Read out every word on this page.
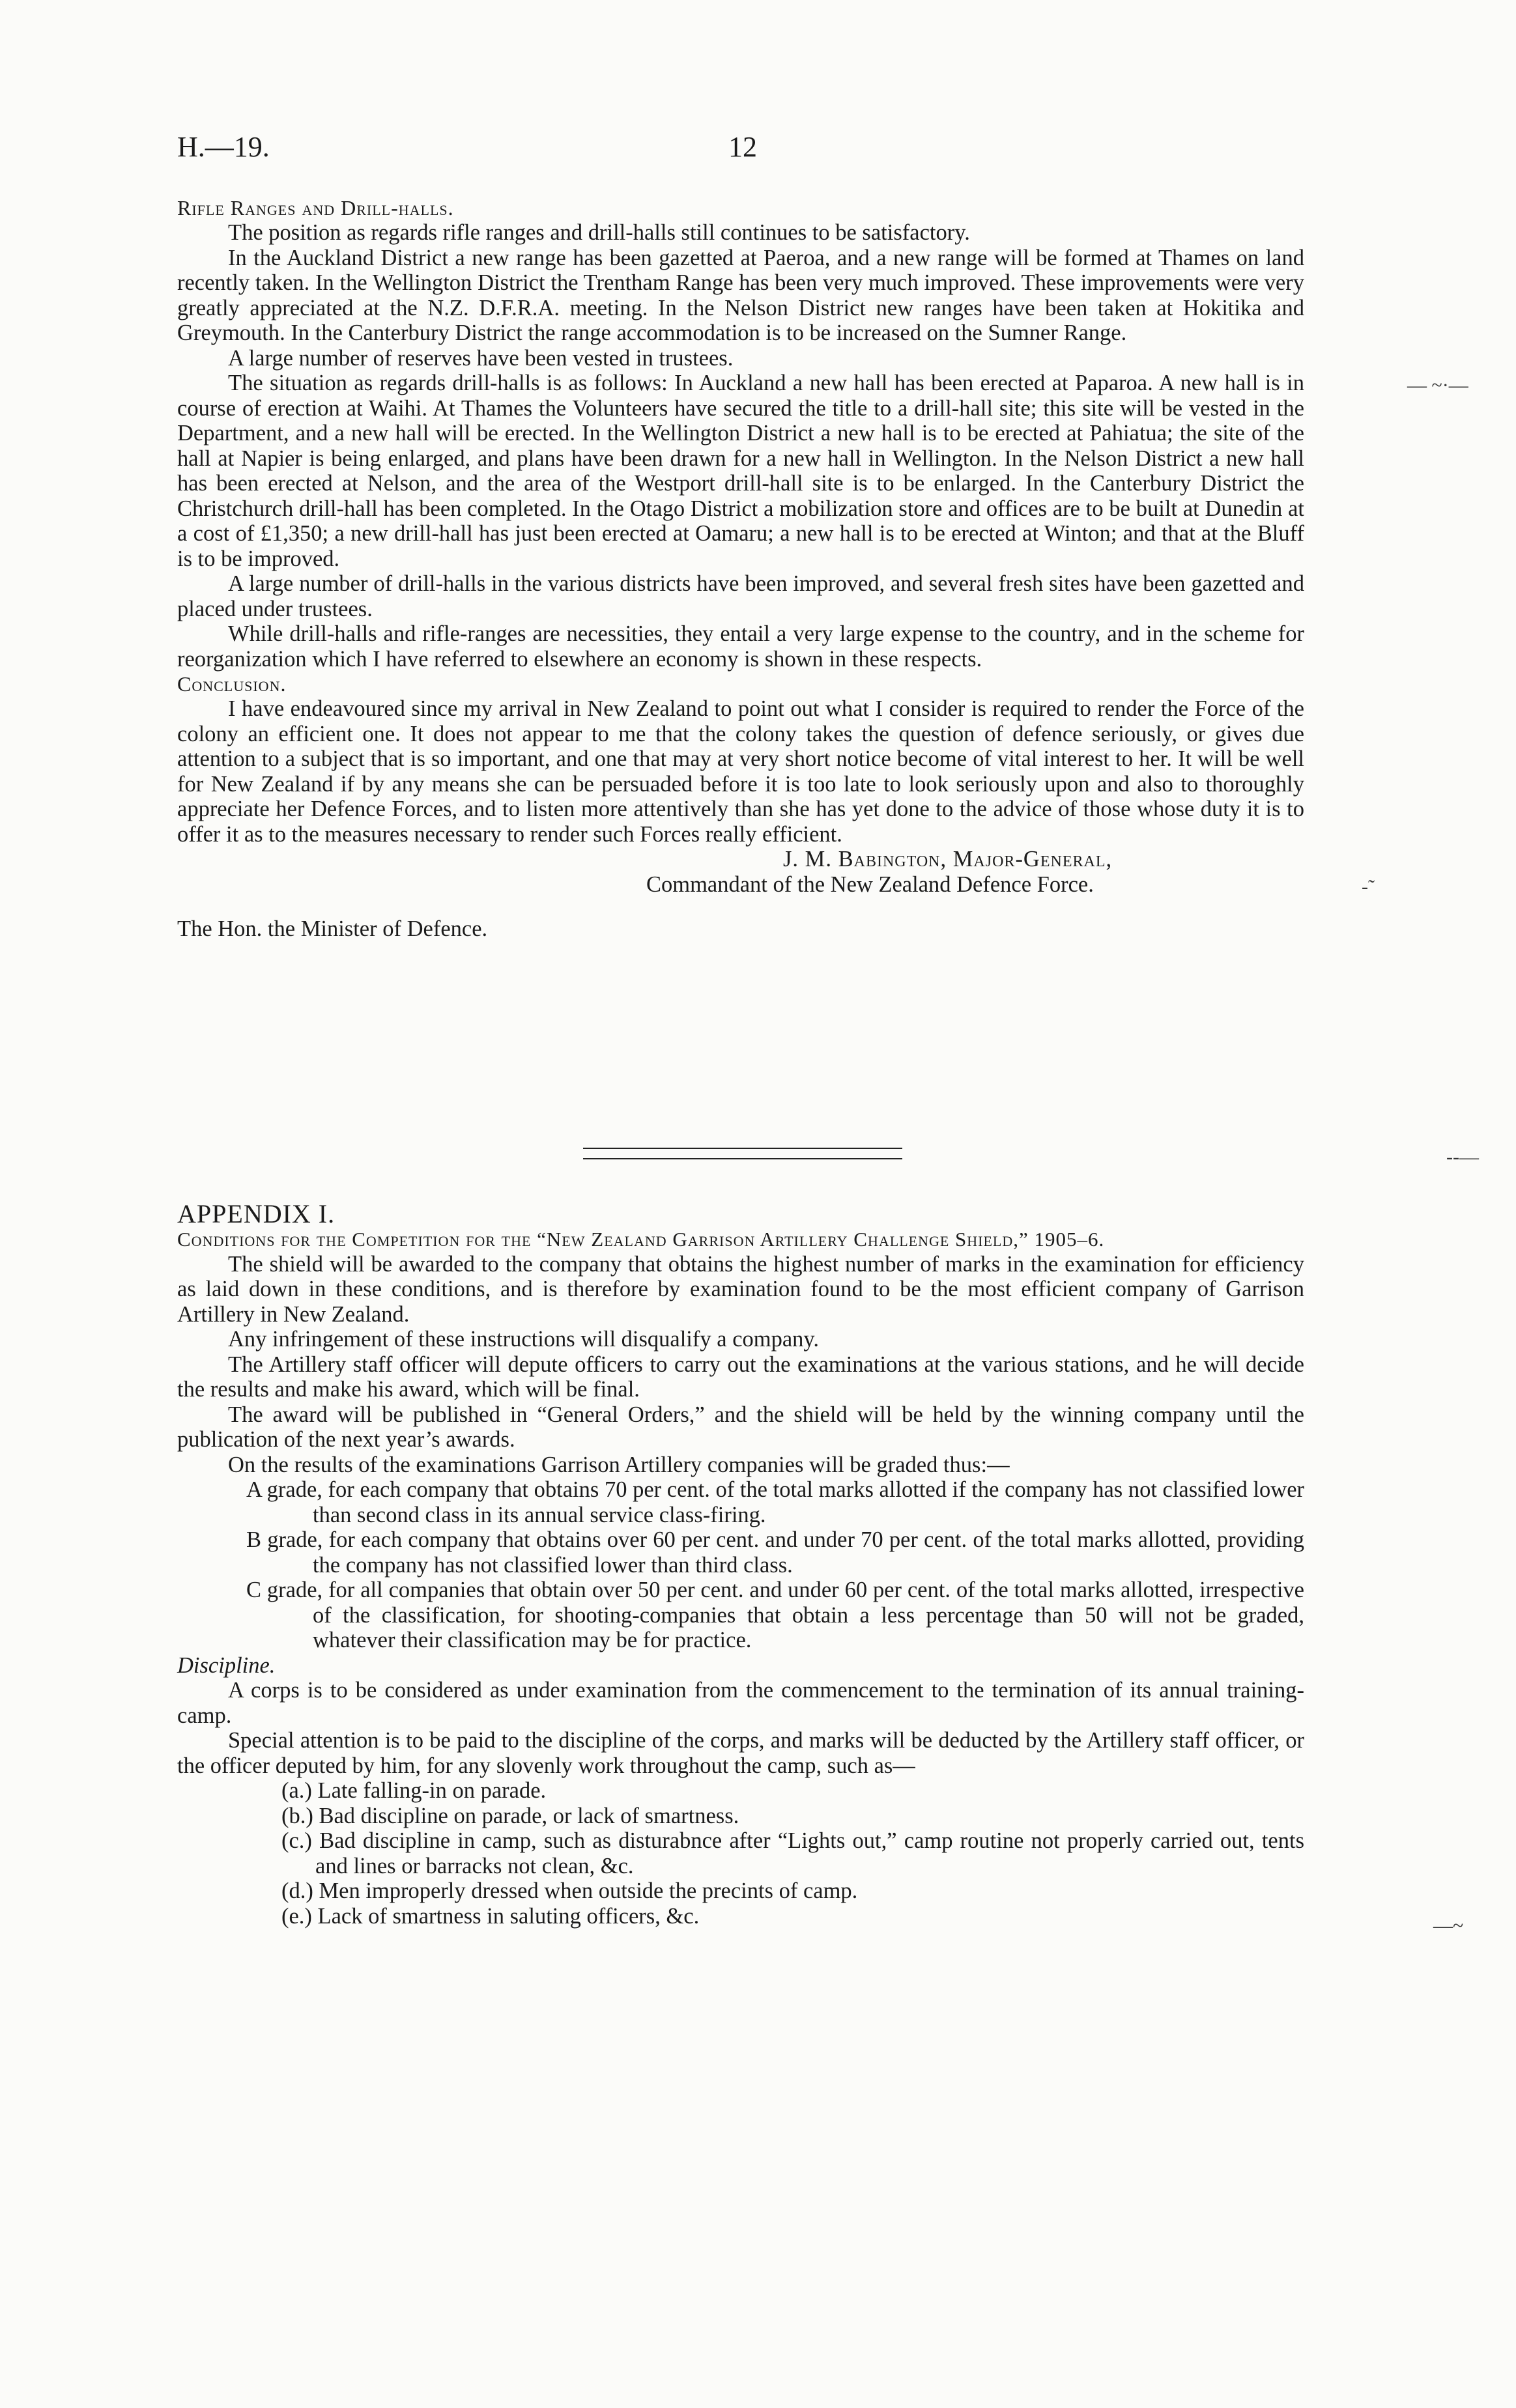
H.—19.	12

Rifle Ranges and Drill-halls.

The position as regards rifle ranges and drill-halls still continues to be satisfactory.

In the Auckland District a new range has been gazetted at Paeroa, and a new range will be formed at Thames on land recently taken. In the Wellington District the Trentham Range has been very much improved. These improvements were very greatly appreciated at the N.Z. D.F.R.A. meeting. In the Nelson District new ranges have been taken at Hokitika and Greymouth. In the Canterbury District the range accommodation is to be increased on the Sumner Range.

A large number of reserves have been vested in trustees.

The situation as regards drill-halls is as follows: In Auckland a new hall has been erected at Paparoa. A new hall is in course of erection at Waihi. At Thames the Volunteers have secured the title to a drill-hall site; this site will be vested in the Department, and a new hall will be erected. In the Wellington District a new hall is to be erected at Pahiatua; the site of the hall at Napier is being enlarged, and plans have been drawn for a new hall in Wellington. In the Nelson District a new hall has been erected at Nelson, and the area of the Westport drill-hall site is to be enlarged. In the Canterbury District the Christchurch drill-hall has been completed. In the Otago District a mobilization store and offices are to be built at Dunedin at a cost of £1,350; a new drill-hall has just been erected at Oamaru; a new hall is to be erected at Winton; and that at the Bluff is to be improved.

A large number of drill-halls in the various districts have been improved, and several fresh sites have been gazetted and placed under trustees.

While drill-halls and rifle-ranges are necessities, they entail a very large expense to the country, and in the scheme for reorganization which I have referred to elsewhere an economy is shown in these respects.

Conclusion.

I have endeavoured since my arrival in New Zealand to point out what I consider is required to render the Force of the colony an efficient one. It does not appear to me that the colony takes the question of defence seriously, or gives due attention to a subject that is so important, and one that may at very short notice become of vital interest to her. It will be well for New Zealand if by any means she can be persuaded before it is too late to look seriously upon and also to thoroughly appreciate her Defence Forces, and to listen more attentively than she has yet done to the advice of those whose duty it is to offer it as to the measures necessary to render such Forces really efficient.

J. M. Babington, Major-General,

Commandant of the New Zealand Defence Force.

The Hon. the Minister of Defence.

APPENDIX I.

Conditions for the Competition for the “New Zealand Garrison Artillery Challenge Shield,” 1905–6.

The shield will be awarded to the company that obtains the highest number of marks in the examination for efficiency as laid down in these conditions, and is therefore by examination found to be the most efficient company of Garrison Artillery in New Zealand.

Any infringement of these instructions will disqualify a company.

The Artillery staff officer will depute officers to carry out the examinations at the various stations, and he will decide the results and make his award, which will be final.

The award will be published in “General Orders,” and the shield will be held by the winning company until the publication of the next year’s awards.

On the results of the examinations Garrison Artillery companies will be graded thus:—

A grade, for each company that obtains 70 per cent. of the total marks allotted if the company has not classified lower than second class in its annual service class-firing.

B grade, for each company that obtains over 60 per cent. and under 70 per cent. of the total marks allotted, providing the company has not classified lower than third class.

C grade, for all companies that obtain over 50 per cent. and under 60 per cent. of the total marks allotted, irrespective of the classification, for shooting-companies that obtain a less percentage than 50 will not be graded, whatever their classification may be for practice.

Discipline.

A corps is to be considered as under examination from the commencement to the termination of its annual training-camp.

Special attention is to be paid to the discipline of the corps, and marks will be deducted by the Artillery staff officer, or the officer deputed by him, for any slovenly work throughout the camp, such as—

(a.) Late falling-in on parade.

(b.) Bad discipline on parade, or lack of smartness.

(c.) Bad discipline in camp, such as disturabnce after “Lights out,” camp routine not properly carried out, tents and lines or barracks not clean, &c.

(d.) Men improperly dressed when outside the precints of camp.

(e.) Lack of smartness in saluting officers, &c.

— ~·—
-˜
--—
—~
